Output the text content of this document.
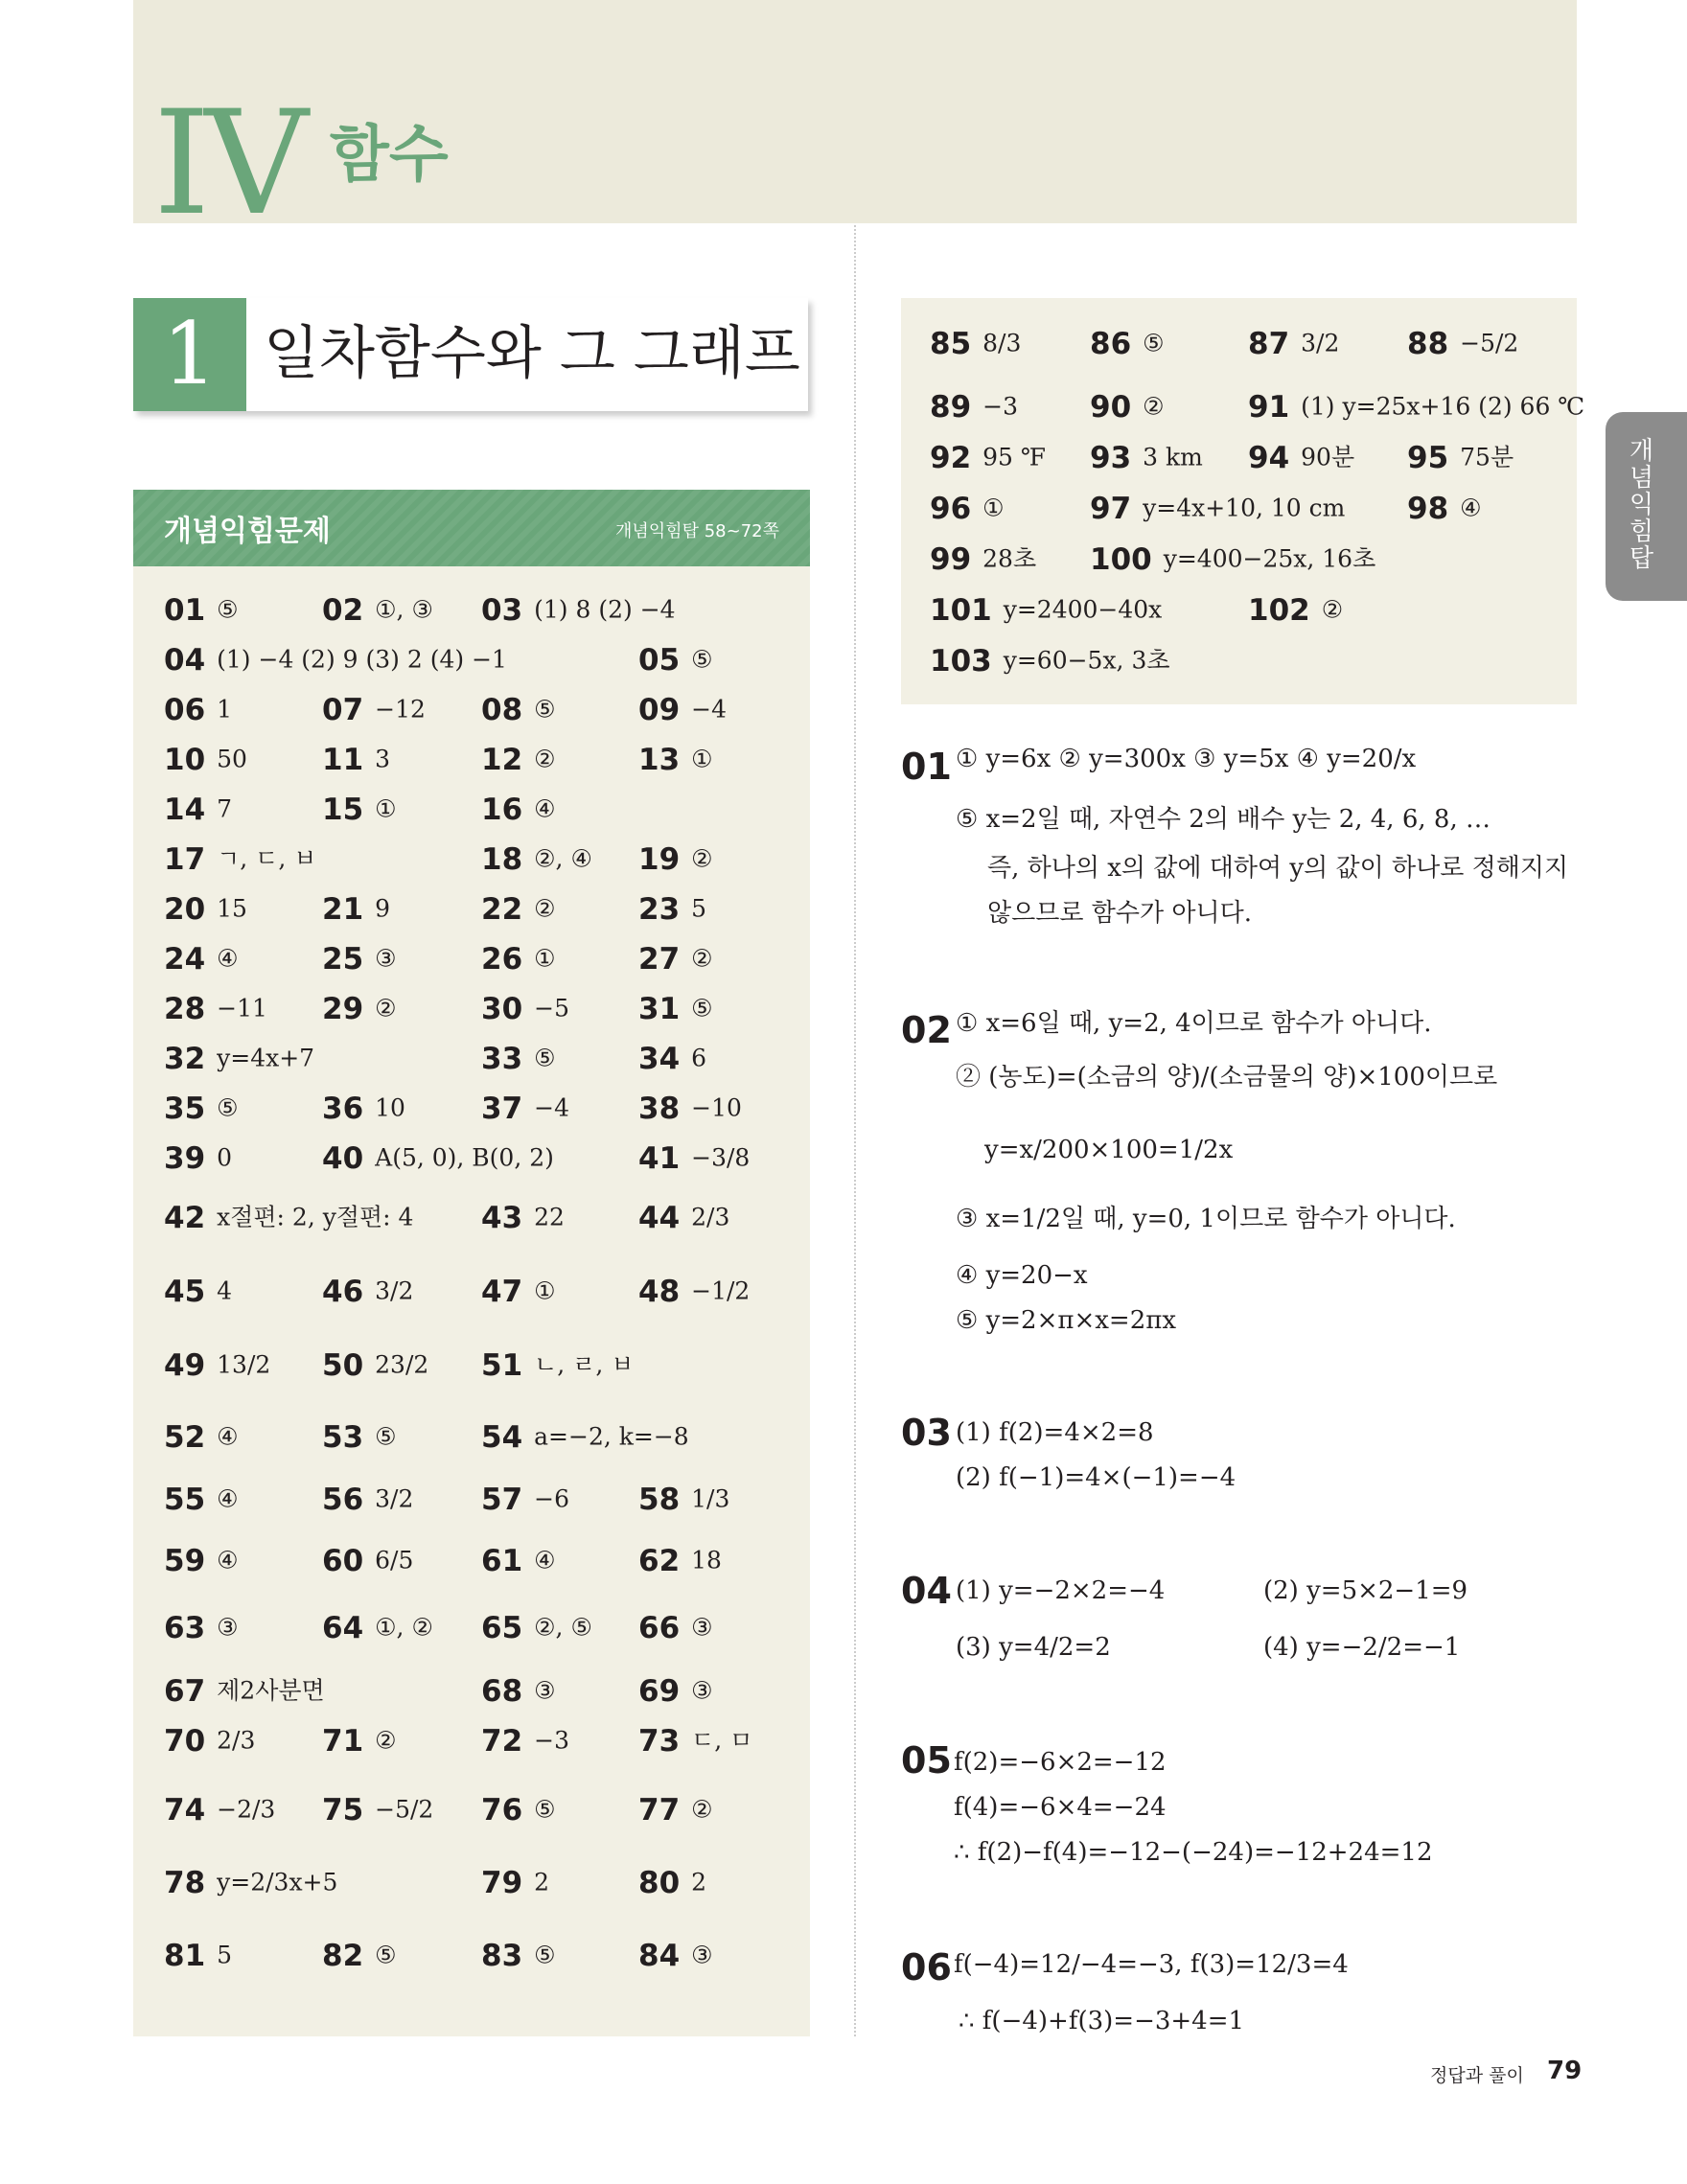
IV 함수
1 일차함수와 그 그래프
개념익힘문제	개념익힘탑 58~72쪽
01 ⑤	02 ①, ③ 03 (1) 8 (2) −4
04 (1) −4 (2) 9 (3) 2 (4) −1	05 ⑤
06 1	07 −12 08 ⑤	09 −4
10 50	11 3	12 ②	13 ①
14 7	15 ①	16 ④
17 ㄱ, ㄷ, ㅂ	18 ②, ④ 19 ②
20 15	21 9	22 ②	23 5
24 ④	25 ③	26 ①	27 ②
28 −11 29 ②	30 −5 31 ⑤
32 y=4x+7	33 ⑤	34 6
35 ⑤	36 10	37 −4 38 −10
39 0	40 A(5, 0), B(0, 2)	41 −3/8
42 x절편: 2, y절편: 4 43 22 44 2/3
45 4	46 3/2 47 ①	48 −1/2
49 13/2 50 23/2 51 ㄴ, ㄹ, ㅂ
52 ④	53 ⑤	54 a=−2, k=−8
55 ④	56 3/2 57 −6 58 1/3
59 ④	60 6/5 61 ④	62 18
63 ③	64 ①, ② 65 ②, ⑤ 66 ③
67 제2사분면	68 ③	69 ③
70 2/3 71 ②	72 −3 73 ㄷ, ㅁ
74 −2/3 75 −5/2 76 ⑤	77 ②
78 y=2/3x+5	79 2	80 2
81 5	82 ⑤	83 ⑤	84 ③
85 8/3 86 ⑤	87 3/2 88 −5/2
89 −3 90 ②	91 (1) y=25x+16 (2) 66 ℃
92 95 ℉ 93 3 km 94 90분 95 75분
96 ①	97 y=4x+10, 10 cm 98 ④
99 28초 100 y=400−25x, 16초
101 y=2400−40x	102 ②
103 y=60−5x, 3초
01 ① y=6x ② y=300x ③ y=5x ④ y=20/x
⑤ x=2일 때, 자연수 2의 배수 y는 2, 4, 6, 8, …
즉, 하나의 x의 값에 대하여 y의 값이 하나로 정해지지
않으므로 함수가 아니다.
02 ① x=6일 때, y=2, 4이므로 함수가 아니다.
② (농도)=(소금의 양)/(소금물의 양)×100이므로
y=x/200×100=1/2x
③ x=1/2일 때, y=0, 1이므로 함수가 아니다.
④ y=20−x
⑤ y=2×π×x=2πx
03 (1) f(2)=4×2=8
(2) f(−1)=4×(−1)=−4
04 (1) y=−2×2=−4	(2) y=5×2−1=9
(3) y=4/2=2	(4) y=−2/2=−1
05 f(2)=−6×2=−12
f(4)=−6×4=−24
∴ f(2)−f(4)=−12−(−24)=−12+24=12
06 f(−4)=12/−4=−3, f(3)=12/3=4
∴ f(−4)+f(3)=−3+4=1
개념익힘탑
정답과 풀이 79
